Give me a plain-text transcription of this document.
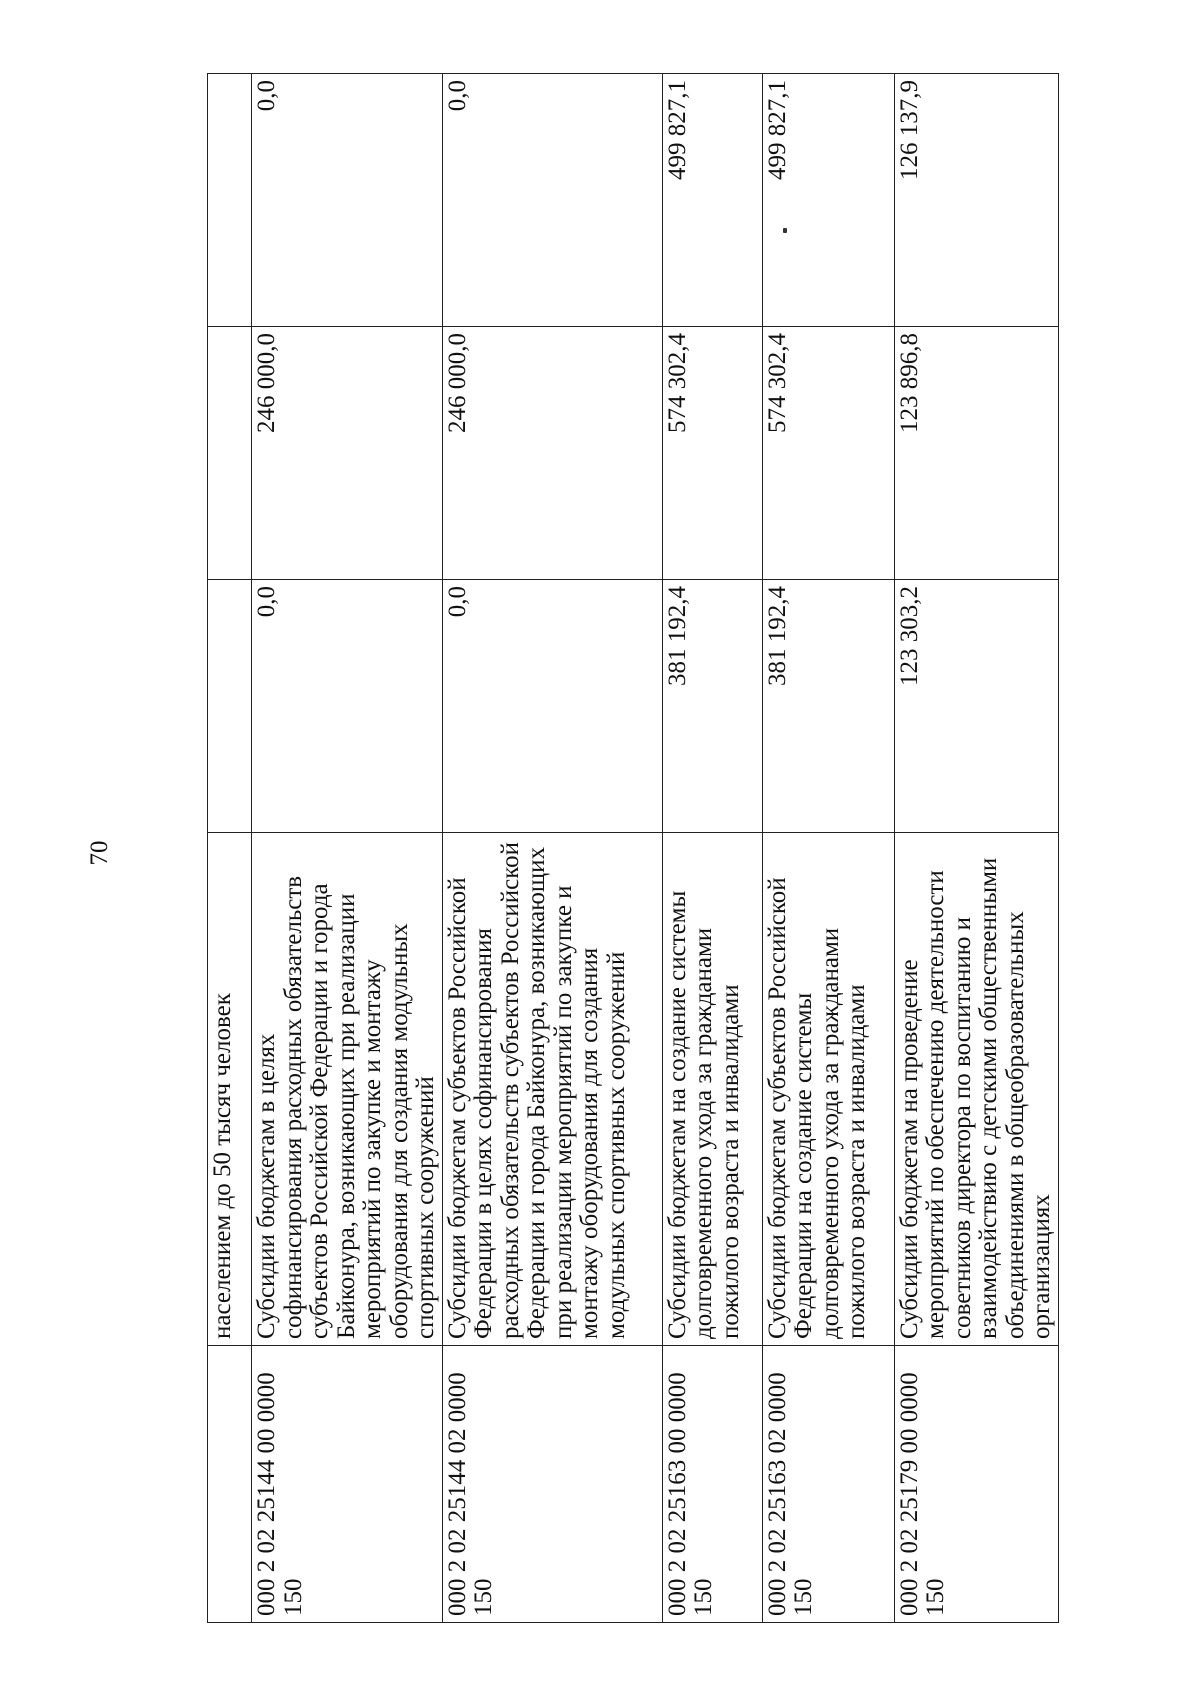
70
	населением до 50 тысяч человек			
000 2 02 25144 00 0000 150	Субсидии бюджетам в целях софинансирования расходных обязательств субъектов Российской Федерации и города Байконура, возникающих при реализации мероприятий по закупке и монтажу оборудования для создания модульных спортивных сооружений	0,0	246 000,0	0,0
000 2 02 25144 02 0000 150	Субсидии бюджетам субъектов Российской Федерации в целях софинансирования расходных обязательств субъектов Российской Федерации и города Байконура, возникающих при реализации мероприятий по закупке и монтажу оборудования для создания модульных спортивных сооружений	0,0	246 000,0	0,0
000 2 02 25163 00 0000 150	Субсидии бюджетам на создание системы долговременного ухода за гражданами пожилого возраста и инвалидами	381 192,4	574 302,4	499 827,1
000 2 02 25163 02 0000 150	Субсидии бюджетам субъектов Российской Федерации на создание системы долговременного ухода за гражданами пожилого возраста и инвалидами	381 192,4	574 302,4	499 827,1
000 2 02 25179 00 0000 150	Субсидии бюджетам на проведение мероприятий по обеспечению деятельности советников директора по воспитанию и взаимодействию с детскими общественными объединениями в общеобразовательных организациях	123 303,2	123 896,8	126 137,9
